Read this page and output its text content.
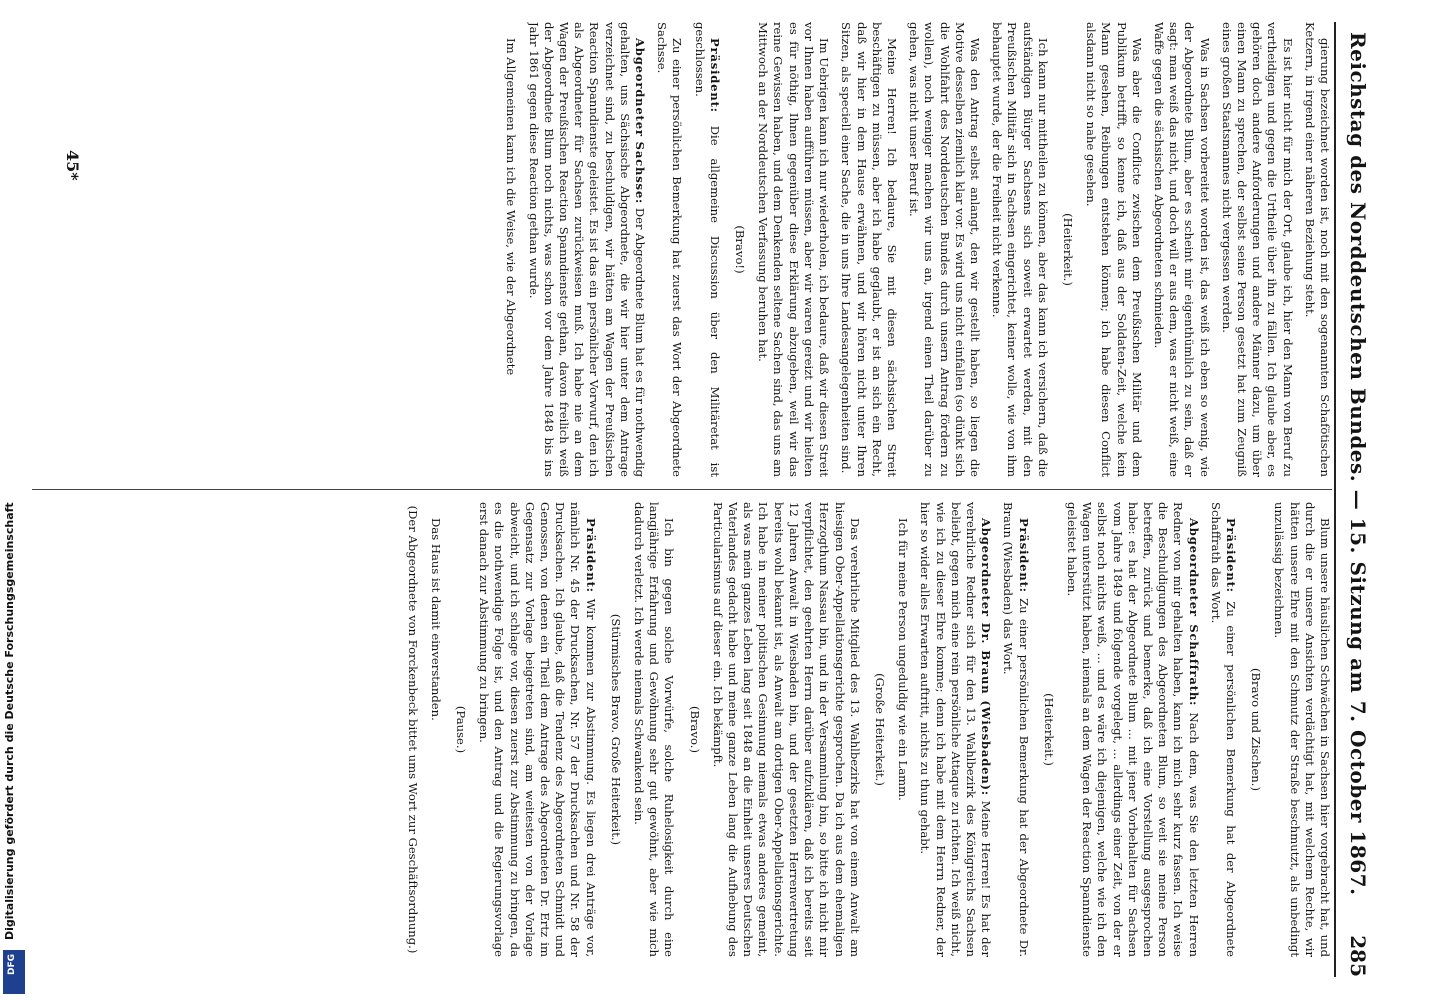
Reichstag des Norddeutschen Bundes. — 15. Sitzung am 7. October 1867.
285

gierung bezeichnet worden ist, noch mit den sogenannten Schafötischen Ketzern, in irgend einer näheren Beziehung steht.

Es ist hier nicht für mich der Ort, glaube ich, hier den Mann von Beruf zu vertheidigen und gegen die Urtheile über ihn zu fällen. Ich glaube aber, es gehören doch andere Anforderungen und andere Männer dazu, um über einen Mann zu sprechen, der selbst seine Person gesetzt hat zum Zeugniß eines großen Staatsmannes nicht vergessen werden.

Was in Sachsen vorbereitet worden ist, das weiß ich eben so wenig, wie der Abgeordnete Blum, aber es scheint mir eigenthümlich zu sein, daß er sagt: man weiß das nicht, und doch will er aus dem, was er nicht weiß, eine Waffe gegen die sächsischen Abgeordneten schmieden.

Was aber die Conflicte zwischen dem Preußischen Militär und dem Publikum betrifft, so kenne ich, daß aus der Soldaten-Zeit, welche kein Mann gesehen, Reibungen entstehen können; ich habe diesen Conflict alsdann nicht so nahe gesehen.

(Heiterkeit.)

Ich kann nur mittheilen zu können, aber das kann ich versichern, daß die aufständigen Bürger Sachsens sich soweit erwartet werden, mit den Preußischen Militär sich in Sachsen eingerichtet, keiner wolle, wie von ihm behauptet wurde, der die Freiheit nicht verkenne.

Was den Antrag selbst anlangt, den wir gestellt haben, so liegen die Motive desselben ziemlich klar vor. Es wird uns nicht einfallen (so dünkt sich die Wohlfahrt des Norddeutschen Bundes durch unsern Antrag fördern zu wollen), noch weniger machen wir uns an, irgend einen Theil darüber zu gehen, was nicht unser Beruf ist.

Meine Herren! Ich bedaure, Sie mit diesen sächsischen Streit beschäftigen zu müssen, aber ich habe geglaubt, er ist an sich ein Recht, daß wir hier in dem Hause erwähnen, und wir hören nicht unter Ihren Sitzen, als speciell einer Sache, die in uns Ihre Landesangelegenheiten sind.

Im Uebrigen kann ich nur wiederholen, ich bedaure, daß wir diesen Streit vor Ihnen haben aufführen müssen, aber wir waren gereizt und wir hielten es für nöthig, Ihnen gegenüber diese Erklärung abzugeben, weil wir das reine Gewissen haben, und dem Denkenden seltene Sachen sind, das uns am Mittwoch an der Norddeutschen Verfassung beruhen hat.

(Bravo!)

Präsident: Die allgemeine Discussion über den Militäretat ist geschlossen.

Zu einer persönlichen Bemerkung hat zuerst das Wort der Abgeordnete Sachsse.

Abgeordneter Sachsse: Der Abgeordnete Blum hat es für nothwendig gehalten, uns Sächsische Abgeordnete, die wir hier unter dem Antrage verzeichnet sind, zu beschuldigen, wir hätten am Wagen der Preußischen Reaction Spanndienste geleistet. Es ist das ein persönlicher Vorwurf, den ich als Abgeordneter für Sachsen zurückweisen muß. Ich habe nie an dem Wagen der Preußischen Reaction Spanndienste gethan, davon freilich weiß der Abgeordnete Blum noch nichts, was schon vor dem Jahre 1848 bis ins Jahr 1861 gegen diese Reaction gethan wurde.

Im Allgemeinen kann ich die Weise, wie der Abgeordnete

Blum unsere häuslichen Schwächen in Sachsen hier vorgebracht hat, und durch die er unsere Ansichten verdächtigt hat, mit welchem Rechte, wir hätten unsere Ehre mit den Schmutz der Straße beschmutzt, als unbedingt unzulässig bezeichnen.

(Bravo und Zischen.)

Präsident: Zu einer persönlichen Bemerkung hat der Abgeordnete Schaffrath das Wort.

Abgeordneter Schaffrath: Nach dem, was Sie den letzten Herren Redner von mir gehalten haben, kann ich mich sehr kurz fassen. Ich weise die Beschuldigungen des Abgeordneten Blum, so weit sie meine Person betreffen, zurück und bemerke, daß ich eine Vorstellung ausgesprochen habe: es hat der Abgeordnete Blum ... mit jener Vorbehalten für Sachsen vom Jahre 1849 und folgende vorgelegt, ... allerdings einer Zeit, von der er selbst noch nichts weiß, ... und es wäre ich diejenigen, welche wie ich den Wagen unterstützt haben, niemals an dem Wagen der Reaction Spanndienste geleistet haben.

(Heiterkeit.)

Präsident: Zu einer persönlichen Bemerkung hat der Abgeordnete Dr. Braun (Wiesbaden) das Wort.

Abgeordneter Dr. Braun (Wiesbaden): Meine Herren! Es hat der verehrliche Redner sich für den 13. Wahlbezirk des Königreichs Sachsen beliebt, gegen mich eine rein persönliche Attaque zu richten. Ich weiß nicht, wie ich zu dieser Ehre komme; denn ich habe mit dem Herrn Redner, der hier so wider alles Erwarten auftritt, nichts zu thun gehabt.

Ich für meine Person ungeduldig wie ein Lamm.

(Große Heiterkeit.)

Das verehrliche Mitglied des 13. Wahlbezirks hat von einem Anwalt am hiesigen Ober-Appellationsgerichte gesprochen. Da ich aus dem ehemaligen Herzogthum Nassau bin, und in der Versammlung bin, so bitte ich nicht mir verpflichtet, den geehrten Herrn darüber aufzuklären, daß ich bereits seit 12 Jahren Anwalt in Wiesbaden bin, und der gesetzten Herrenvertretung bereits wohl bekannt ist, als Anwalt am dortigen Ober-Appellationsgerichte. Ich habe in meiner politischen Gesinnung niemals etwas anderes gemeint, als was mein ganzes Leben lang seit 1848 an die Einheit unseres Deutschen Vaterlandes gedacht habe und meine ganze Leben lang die Aufhebung des Particularismus auf dieser ein. Ich bekämpft.

(Bravo.)

Ich bin gegen solche Vorwürfe, solche Ruhelosigkeit durch eine langjährige Erfahrung und Gewöhnung sehr gut gewöhnt, aber wie mich dadurch verletzt. Ich werde niemals Schwankend sein.

(Stürmisches Bravo. Große Heiterkeit.)

Präsident: Wir kommen zur Abstimmung. Es liegen drei Anträge vor, nämlich Nr. 45 der Drucksachen, Nr. 57 der Drucksachen und Nr. 58 der Drucksachen. Ich glaube, daß die Tendenz des Abgeordneten Schmidt und Genossen, von denen ein Theil dem Antrage des Abgeordneten Dr. Ertz im Gegensatz zur Vorlage beigetreten sind, am weitesten von der Vorlage abweicht, und ich schlage vor, diesen zuerst zur Abstimmung zu bringen, da es die nothwendige Folge ist, und den Antrag und die Regierungsvorlage erst danach zur Abstimmung zu bringen.

(Pause.)

Das Haus ist damit einverstanden.

(Der Abgeordnete von Forckenbeck bittet ums Wort zur Geschäftsordnung.)

45*
Digitalisierung gefördert durch die Deutsche Forschungsgemeinschaft
DFG
